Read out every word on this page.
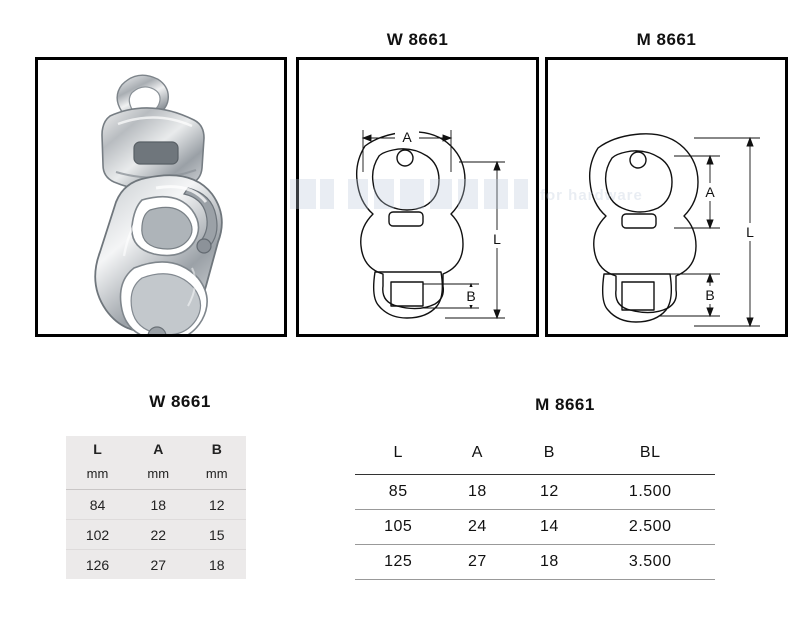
W 8661	M 8661
A
B
L
A
B
L
for hardware
W 8661	M 8661
L	A	B
mm	mm	mm
84	18	12
102	22	15
126	27	18
L	A	B	BL
85	18	12	1.500
105	24	14	2.500
125	27	18	3.500
